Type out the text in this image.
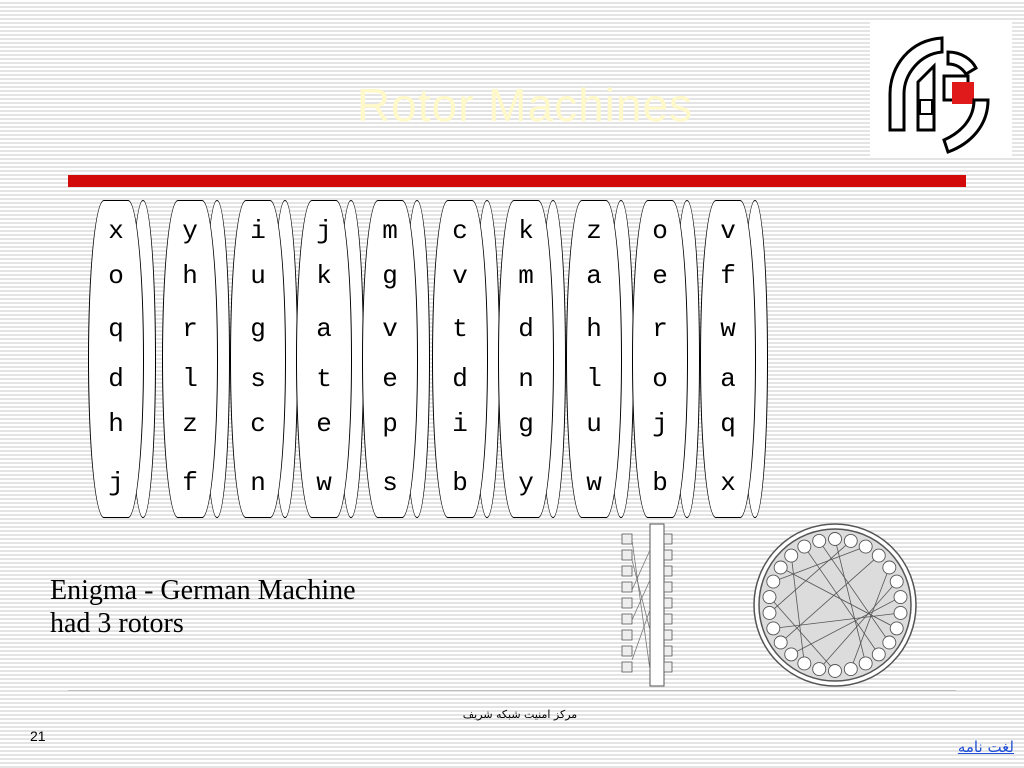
Rotor Machines
x
o
q
d
h
j
y
h
r
l
z
f
i
u
g
s
c
n
j
k
a
t
e
w
m
g
v
e
p
s
c
v
t
d
i
b
k
m
d
n
g
y
z
a
h
l
u
w
o
e
r
o
j
b
v
f
w
a
q
x
Enigma - German Machine
had 3 rotors
مرکز امنیت شبکه شریف
21
لغت نامه
